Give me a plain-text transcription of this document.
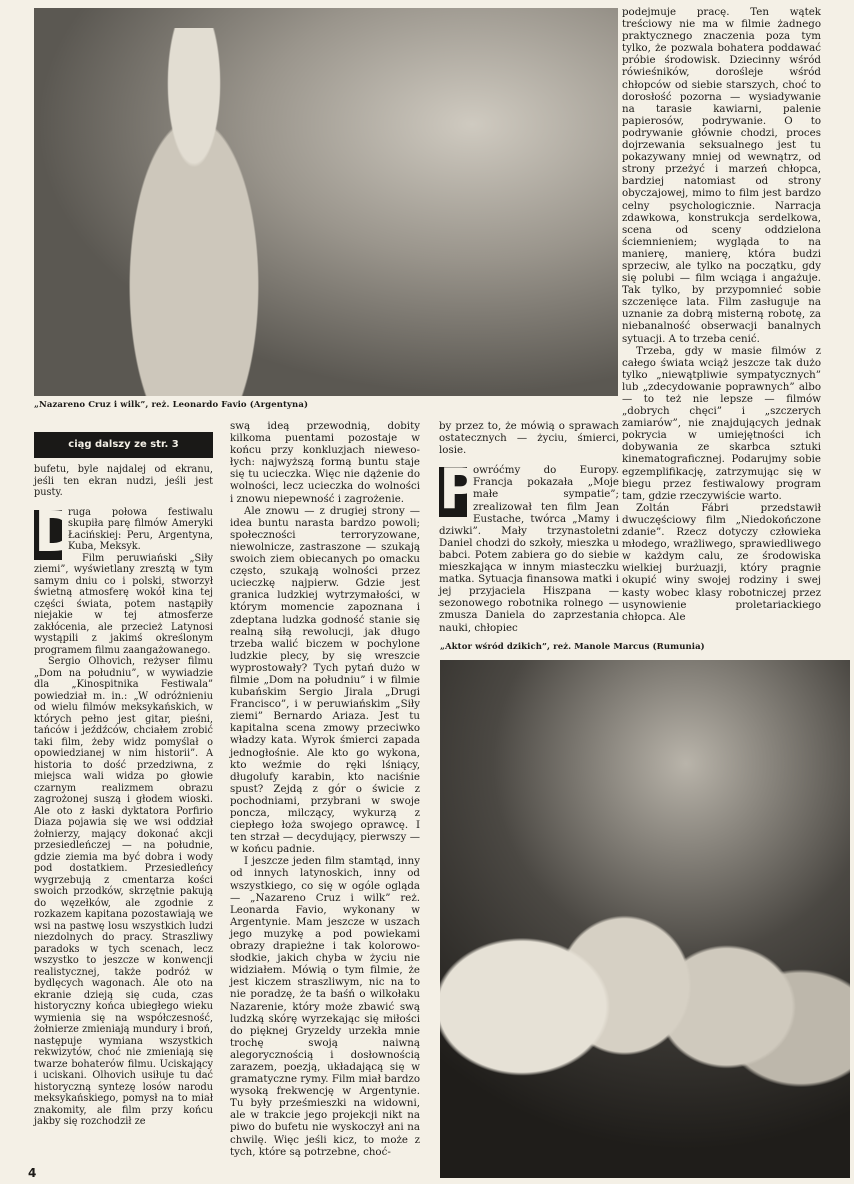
„Nazareno Cruz i wilk”, reż. Leonardo Favio (Argentyna)
ciąg dalszy ze str. 3

bufetu, byle najdalej od ekranu, jeśli ten ekran nudzi, jeśli jest pusty.

D

ruga połowa festiwalu skupiła parę filmów Ameryki Łacińskiej: Peru, Argentyna, Kuba, Meksyk.

Film peruwiański „Siły ziemi”, wyświetlany zresztą w tym samym dniu co i polski, stworzył świetną atmosferę wokół kina tej części świata, potem nastąpiły niejakie w tej atmosferze zakłócenia, ale przecież Latynosi wystąpili z jakimś określonym programem filmu zaangażowanego.

Sergio Olhovich, reżyser filmu „Dom na południu”, w wywiadzie dla „Kinospitnika Festiwala” powiedział m. in.: „W odróżnieniu od wielu filmów meksykańskich, w których pełno jest gitar, pieśni, tańców i jeźdźców, chciałem zrobić taki film, żeby widz pomyślał o opowiedzianej w nim historii”. A historia to dość przedziwna, z miejsca wali widza po głowie czarnym realizmem obrazu zagrożonej suszą i głodem wioski. Ale oto z łaski dyktatora Porfirio Diaza pojawia się we wsi oddział żołnierzy, mający dokonać akcji przesiedleńczej — na południe, gdzie ziemia ma być dobra i wody pod dostatkiem. Przesiedleńcy wygrzebują z cmentarza kości swoich przodków, skrzętnie pakują do węzełków, ale zgodnie z rozkazem kapitana pozostawiają we wsi na pastwę losu wszystkich ludzi niezdolnych do pracy. Straszliwy paradoks w tych scenach, lecz wszystko to jeszcze w konwencji realistycznej, także podróż w bydlęcych wagonach. Ale oto na ekranie dzieją się cuda, czas historyczny końca ubiegłego wieku wymienia się na współczesność, żołnierze zmieniają mundury i broń, następuje wymiana wszystkich rekwizytów, choć nie zmieniają się twarze bohaterów filmu. Uciskający i uciskani. Olhovich usiłuje tu dać historyczną syntezę losów narodu meksykańskiego, pomysł na to miał znakomity, ale film przy końcu jakby się rozchodził ze

swą ideą przewodnią, dobity kilkoma puentami pozostaje w końcu przy konkluzjach niewesołych: najwyższą formą buntu staje się tu ucieczka. Więc nie dążenie do wolności, lecz ucieczka do wolności i znowu niepewność i zagrożenie.

Ale znowu — z drugiej strony — idea buntu narasta bardzo powoli; społeczności terroryzowane, niewolnicze, zastraszone — szukają swoich ziem obiecanych po omacku często, szukają wolności przez ucieczkę najpierw. Gdzie jest granica ludzkiej wytrzymałości, w którym momencie zapoznana i zdeptana ludzka godność stanie się realną siłą rewolucji, jak długo trzeba walić biczem w pochylone ludzkie plecy, by się wreszcie wyprostowały? Tych pytań dużo w filmie „Dom na południu” i w filmie kubańskim Sergio Jirala „Drugi Francisco”, i w peruwiańskim „Siły ziemi” Bernardo Ariaza. Jest tu kapitalna scena zmowy przeciwko władzy kata. Wyrok śmierci zapada jednogłośnie. Ale kto go wykona, kto weźmie do ręki lśniący, długolufy karabin, kto naciśnie spust? Zejdą z gór o świcie z pochodniami, przybrani w swoje poncza, milczący, wykurzą z ciepłego łoża swojego oprawcę. I ten strzał — decydujący, pierwszy — w końcu padnie.

I jeszcze jeden film stamtąd, inny od innych latynoskich, inny od wszystkiego, co się w ogóle ogląda — „Nazareno Cruz i wilk” reż. Leonarda Favio, wykonany w Argentynie. Mam jeszcze w uszach jego muzykę a pod powiekami obrazy drapieżne i tak kolorowo-słodkie, jakich chyba w życiu nie widziałem. Mówią o tym filmie, że jest kiczem straszliwym, nic na to nie poradzę, że ta baśń o wilkołaku Nazarenie, który może zbawić swą ludzką skórę wyrzekając się miłości do pięknej Gryzeldy urzekła mnie trochę swoją naiwną alegorycznością i dosłownością zarazem, poezją, układającą się w gramatyczne rymy. Film miał bardzo wysoką frekwencję w Argentynie. Tu były prześmieszki na widowni, ale w trakcie jego projekcji nikt na piwo do bufetu nie wyskoczył ani na chwilę. Więc jeśli kicz, to może z tych, które są potrzebne, choć-

by przez to, że mówią o sprawach ostatecznych — życiu, śmierci, losie.

P

owróćmy do Europy. Francja pokazała „Moje małe sympatie”; zrealizował ten film Jean Eustache, twórca „Mamy i dziwki”. Mały trzynastoletni Daniel chodzi do szkoły, mieszka u babci. Potem zabiera go do siebie mieszkająca w innym miasteczku matka. Sytuacja finansowa matki i jej przyjaciela Hiszpana — sezonowego robotnika rolnego — zmusza Daniela do zaprzestania nauki, chłopiec

podejmuje pracę. Ten wątek treściowy nie ma w filmie żadnego praktycznego znaczenia poza tym tylko, że pozwala bohatera poddawać próbie środowisk. Dziecinny wśród rówieśników, doroślejе wśród chłopców od siebie starszych, choć to dorosłość pozorna — wysiadywanie na tarasie kawiarni, palenie papierosów, podrywanie. O to podrywanie głównie chodzi, proces dojrzewania seksualnego jest tu pokazywany mniej od wewnątrz, od strony przeżyć i marzeń chłopca, bardziej natomiast od strony obyczajowej, mimo to film jest bardzo celny psychologicznie. Narracja zdawkowa, konstrukcja serdelkowa, scena od sceny oddzielona ściemnieniem; wygląda to na manierę, manierę, która budzi sprzeciw, ale tylko na początku, gdy się polubi — film wciąga i angażuje. Tak tylko, by przypomnieć sobie szczenięce lata. Film zasługuje na uznanie za dobrą misterną robotę, za niebanalność obserwacji banalnych sytuacji. A to trzeba cenić.

Trzeba, gdy w masie filmów z całego świata wciąż jeszcze tak dużo tylko „niewątpliwie sympatycznych” lub „zdecydowanie poprawnych” albo — to też nie lepsze — filmów „dobrych chęci” i „szczerych zamiarów”, nie znajdujących jednak pokrycia w umiejętności ich dobywania ze skarbca sztuki kinematograficznej. Podarujmy sobie egzemplifikację, zatrzymując się w biegu przez festiwalowy program tam, gdzie rzeczywiście warto.

Zoltán Fábri przedstawił dwuczęściowy film „Niedokończone zdanie”. Rzecz dotyczy człowieka młodego, wrażliwego, sprawiedliwego w każdym calu, ze środowiska wielkiej burżuazji, który pragnie okupić winy swojej rodziny i swej kasty wobec klasy robotniczej przez usynowienie proletariackiego chłopca. Ale

„Aktor wśród dzikich”, reż. Manole Marcus (Rumunia)
4
